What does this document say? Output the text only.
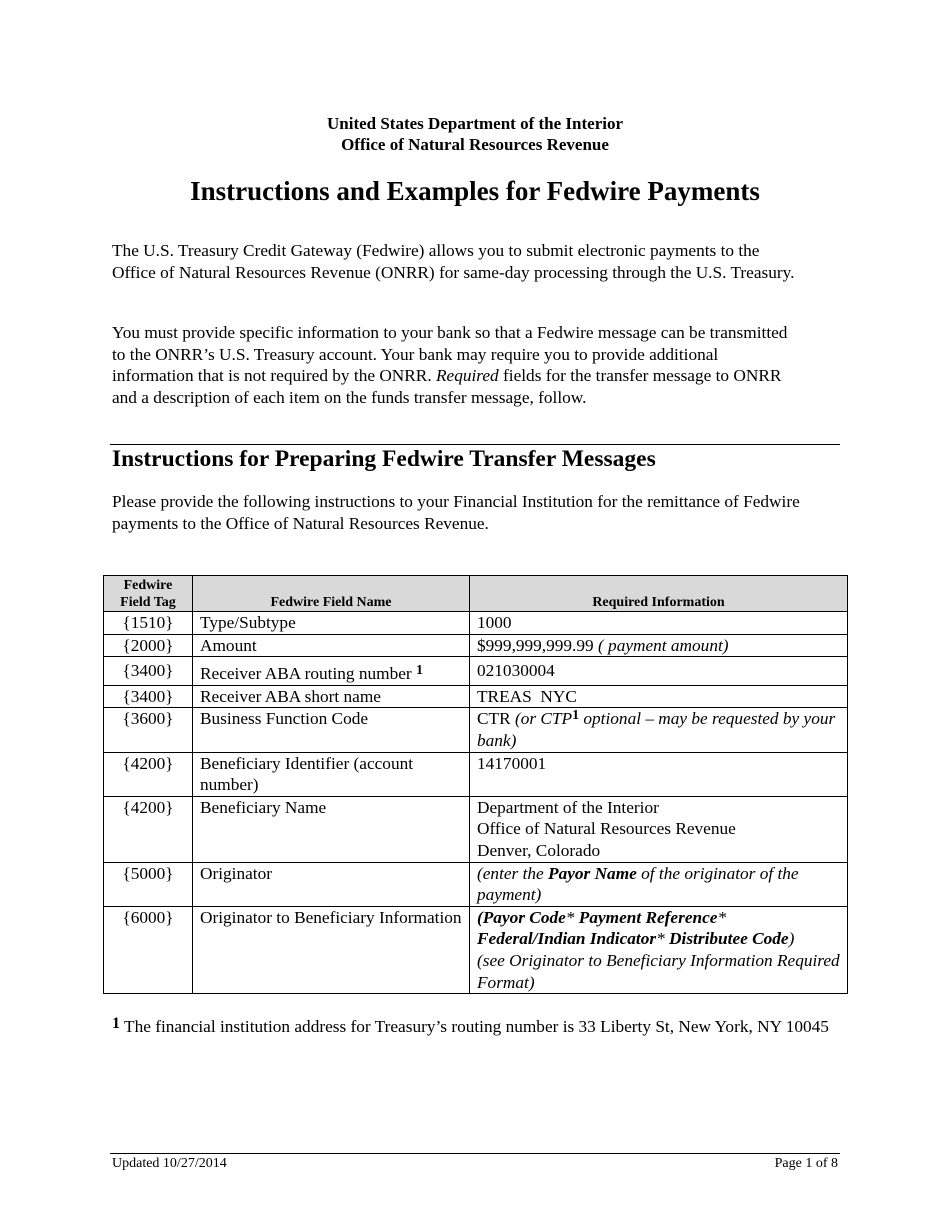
United States Department of the Interior
Office of Natural Resources Revenue
Instructions and Examples for Fedwire Payments

The U.S. Treasury Credit Gateway (Fedwire) allows you to submit electronic payments to the Office of Natural Resources Revenue (ONRR) for same-day processing through the U.S. Treasury.

You must provide specific information to your bank so that a Fedwire message can be transmitted to the ONRR’s U.S. Treasury account. Your bank may require you to provide additional information that is not required by the ONRR. Required fields for the transfer message to ONRR and a description of each item on the funds transfer message, follow.

Instructions for Preparing Fedwire Transfer Messages

Please provide the following instructions to your Financial Institution for the remittance of Fedwire payments to the Office of Natural Resources Revenue.

Fedwire
Field Tag	Fedwire Field Name	Required Information
{1510}	Type/Subtype	1000
{2000}	Amount	$999,999,999.99 ( payment amount)
{3400}	Receiver ABA routing number $^1$	021030004
{3400}	Receiver ABA short name	TREAS  NYC
{3600}	Business Function Code	CTR (or CTP$^1$ optional – may be requested by your bank)
{4200}	Beneficiary Identifier (account number)	14170001
{4200}	Beneficiary Name	Department of the Interior
Office of Natural Resources Revenue
Denver, Colorado

{5000}	Originator	(enter the Payor Name of the originator of the payment)
{6000}	Originator to Beneficiary Information	(Payor Code* Payment Reference*
Federal/Indian Indicator* Distributee Code)
(see Originator to Beneficiary Information Required Format)

$^1$ The financial institution address for Treasury’s routing number is 33 Liberty St, New York, NY 10045

Updated 10/27/2014	Page 1 of 8
